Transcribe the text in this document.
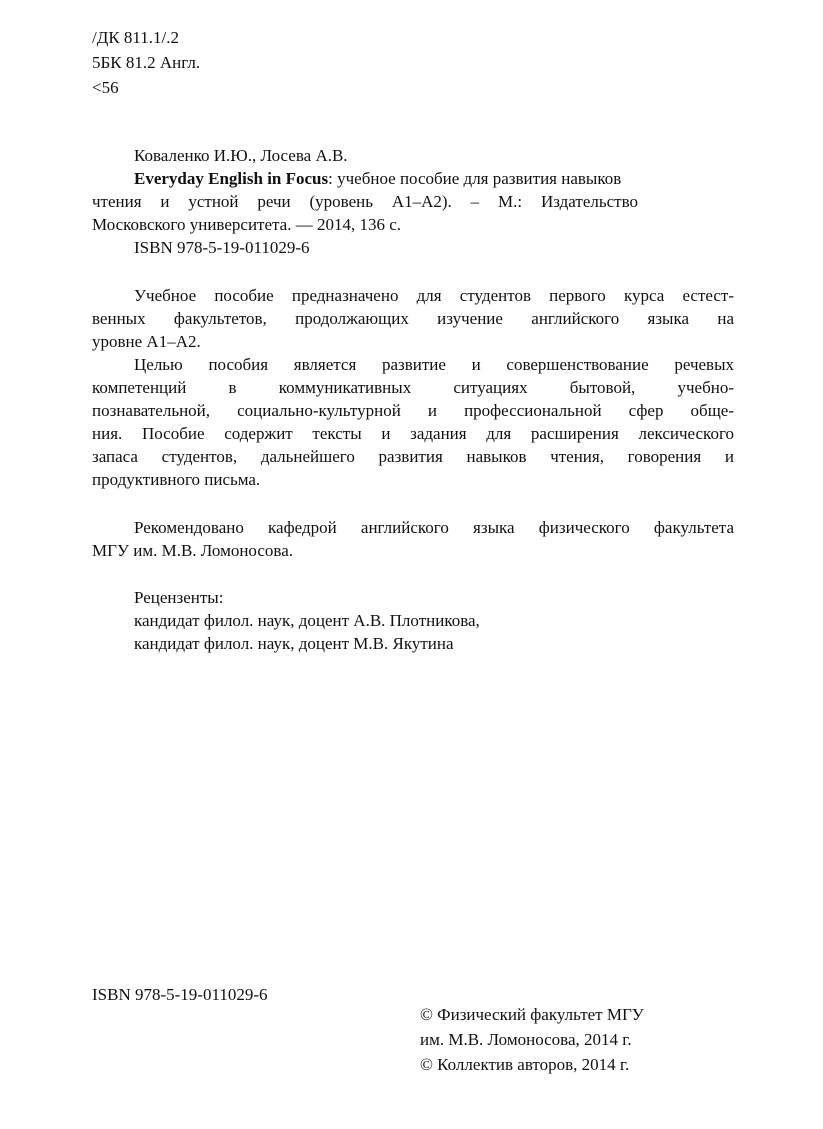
/ДК 811.1/.2
5БК 81.2 Англ.
<56
Коваленко И.Ю., Лосева А.В.
Everyday English in Focus: учебное пособие для развития навыков
чтения и устной речи (уровень А1–А2). – М.: Издательство
Московского университета. — 2014, 136 с.
ISBN 978-5-19-011029-6
Учебное пособие предназначено для студентов первого курса естест-
венных факультетов, продолжающих изучение английского языка на
уровне А1–А2.
Целью пособия является развитие и совершенствование речевых
компетенций в коммуникативных ситуациях бытовой, учебно-
познавательной, социально-культурной и профессиональной сфер обще-
ния. Пособие содержит тексты и задания для расширения лексического
запаса студентов, дальнейшего развития навыков чтения, говорения и
продуктивного письма.
Рекомендовано кафедрой английского языка физического факультета
МГУ им. М.В. Ломоносова.
Рецензенты:
кандидат филол. наук, доцент А.В. Плотникова,
кандидат филол. наук, доцент М.В. Якутина
ISBN 978-5-19-011029-6
© Физический факультет МГУ
им. М.В. Ломоносова, 2014 г.
© Коллектив авторов, 2014 г.
